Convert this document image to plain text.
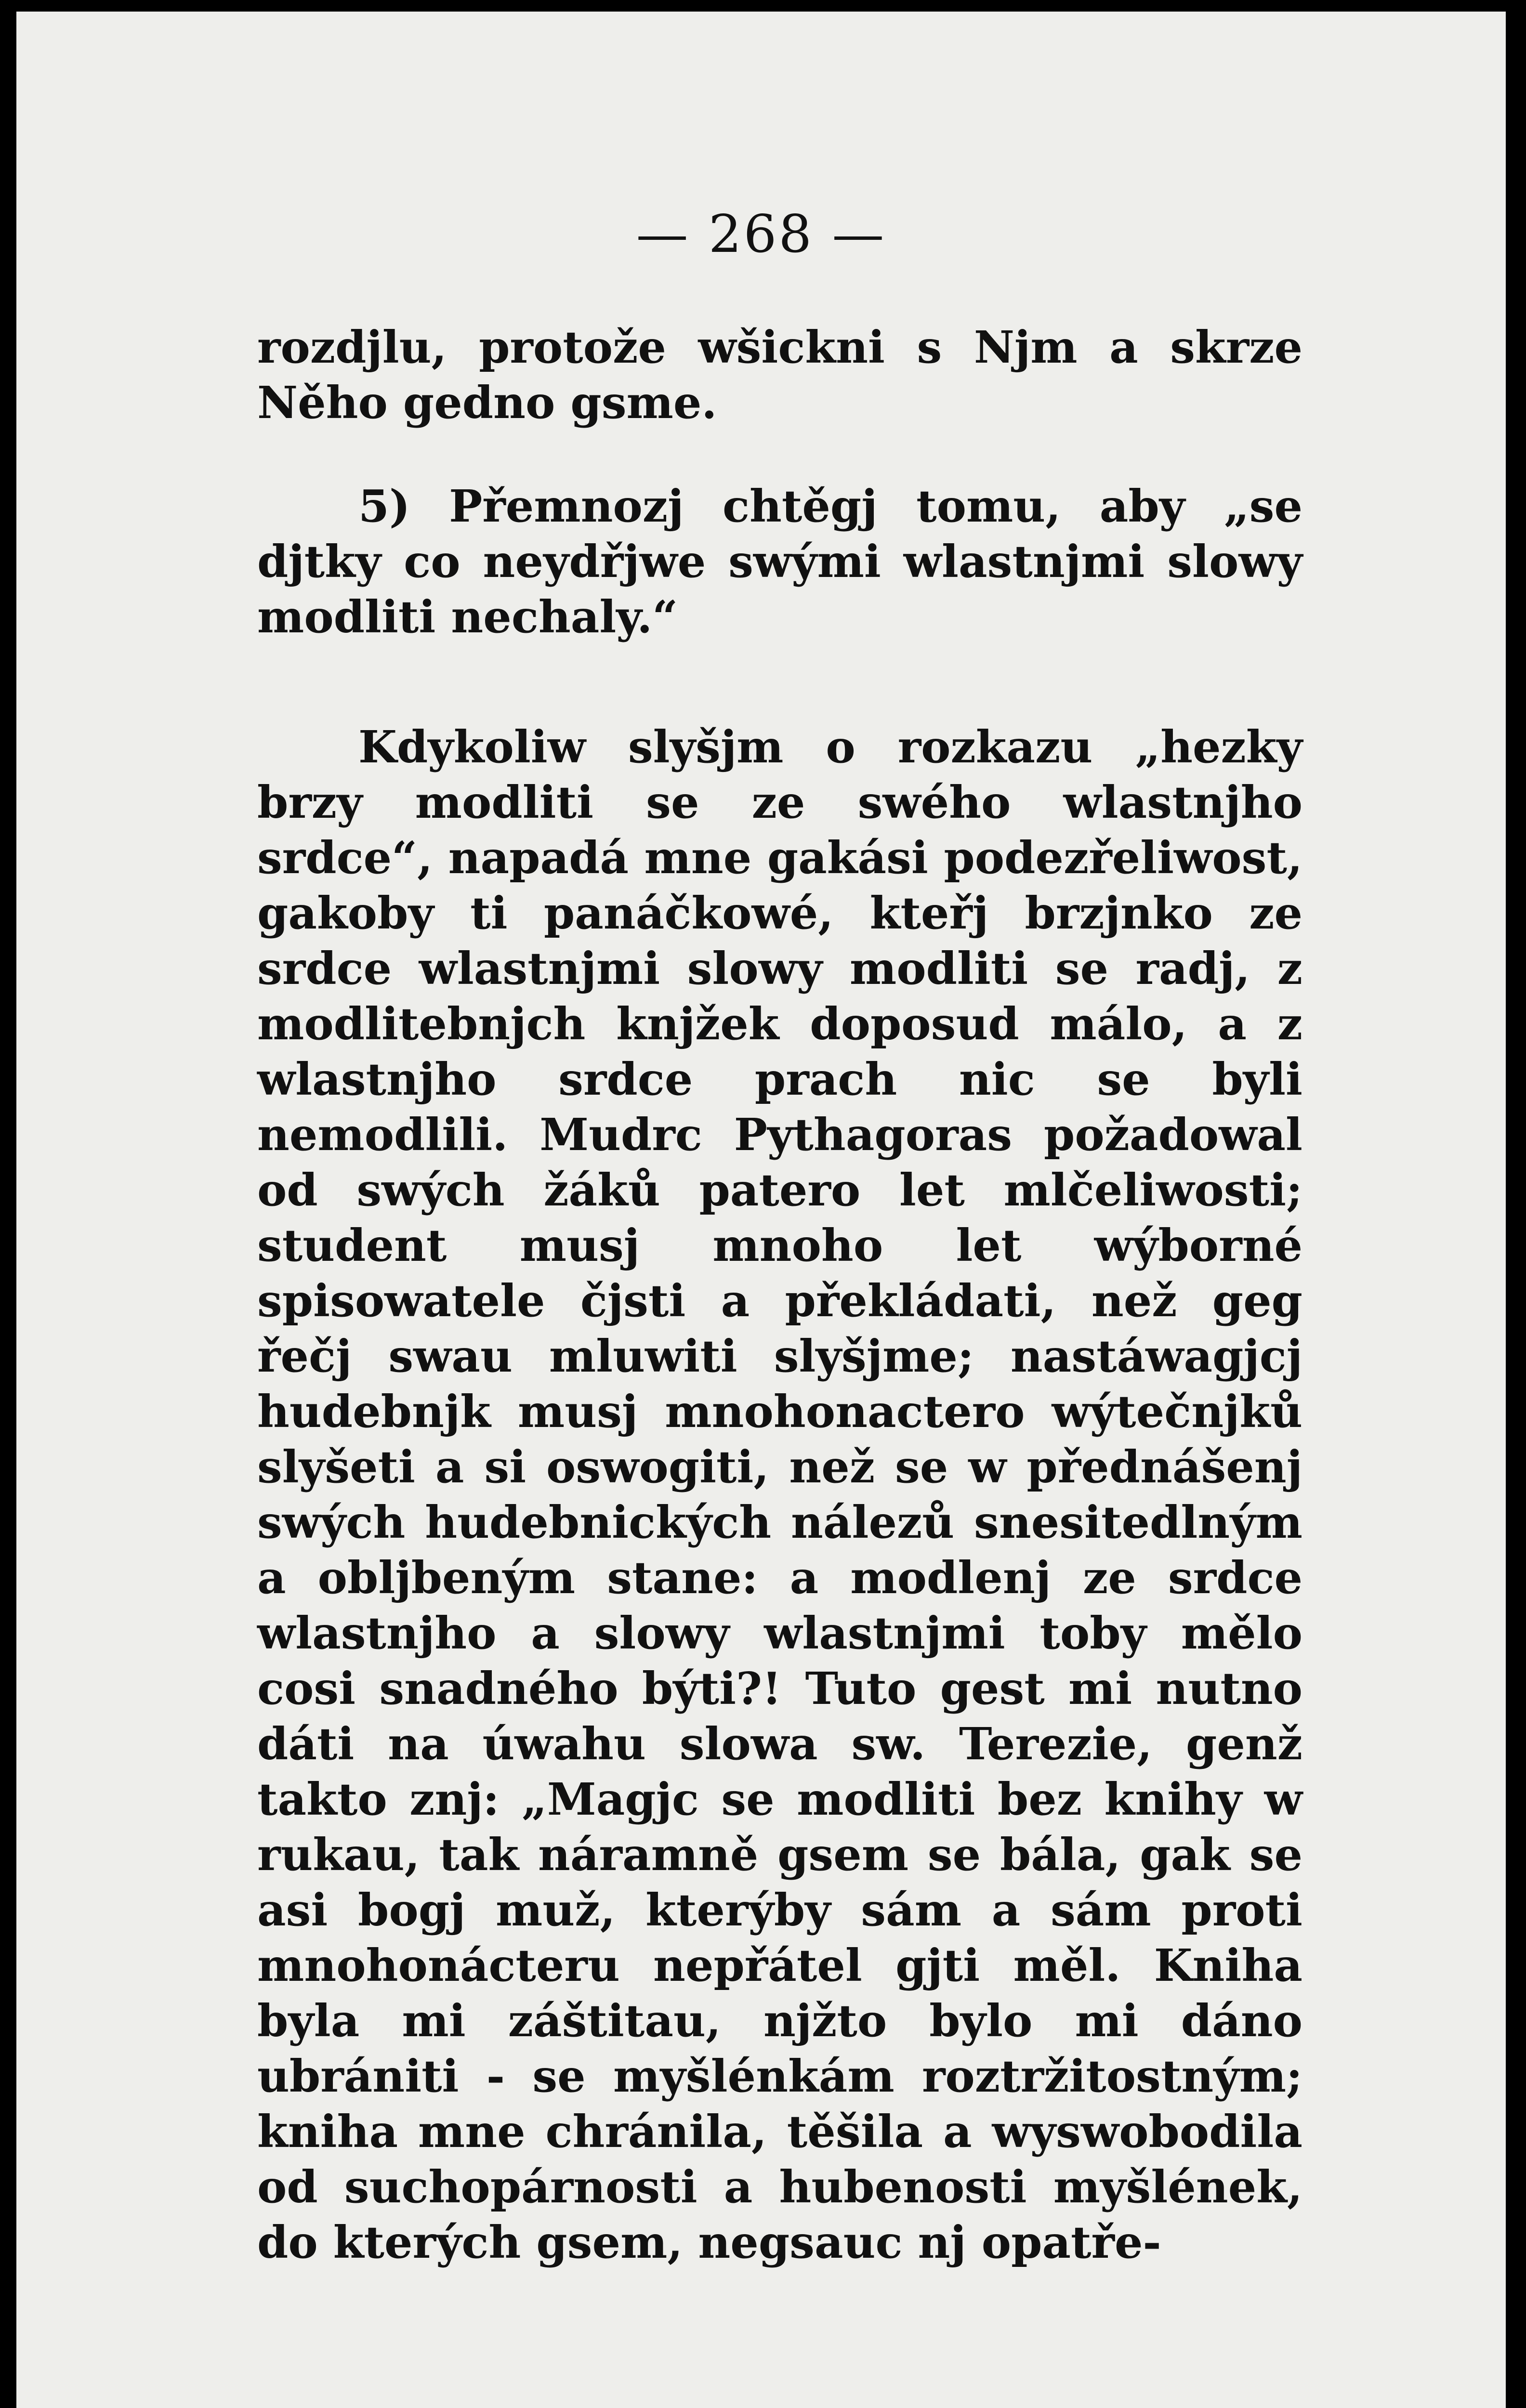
— 268 —

rozdjlu, protože wšickni s Njm a skrze Něho gedno gsme.

5) Přemnozj chtěgj tomu, aby „se djtky co neydřjwe swými wlastnjmi slowy modliti nechaly.“

Kdykoliw slyšjm o rozkazu „hezky brzy modliti se ze swého wlastnjho srdce“, napadá mne gakási podezřeliwost, gakoby ti panáčkowé, kteřj brzjnko ze srdce wlastnjmi slowy modliti se radj, z modlitebnjch knjžek doposud málo, a z wlastnjho srdce prach nic se byli nemodlili. Mudrc Pythagoras požadowal od swých žáků patero let mlčeliwosti; student musj mnoho let wýborné spisowatele čjsti a překládati, než geg řečj swau mluwiti slyšjme; nastáwagjcj hudebnjk musj mnohonactero wýtečnjků slyšeti a si oswogiti, než se w přednášenj swých hudebnických nálezů snesitedlným a obljbeným stane: a modlenj ze srdce wlastnjho a slowy wlastnjmi toby mělo cosi snadného býti?! Tuto gest mi nutno dáti na úwahu slowa sw. Terezie, genž takto znj: „Magjc se modliti bez knihy w rukau, tak náramně gsem se bála, gak se asi bogj muž, kterýby sám a sám proti mnohonácteru nepřátel gjti měl. Kniha byla mi záštitau, njžto bylo mi dáno ubrániti - se myšlénkám roztržitostným; kniha mne chránila, těšila a wyswobodila od suchopárnosti a hubenosti myšlének, do kterých gsem, negsauc nj opatře-
